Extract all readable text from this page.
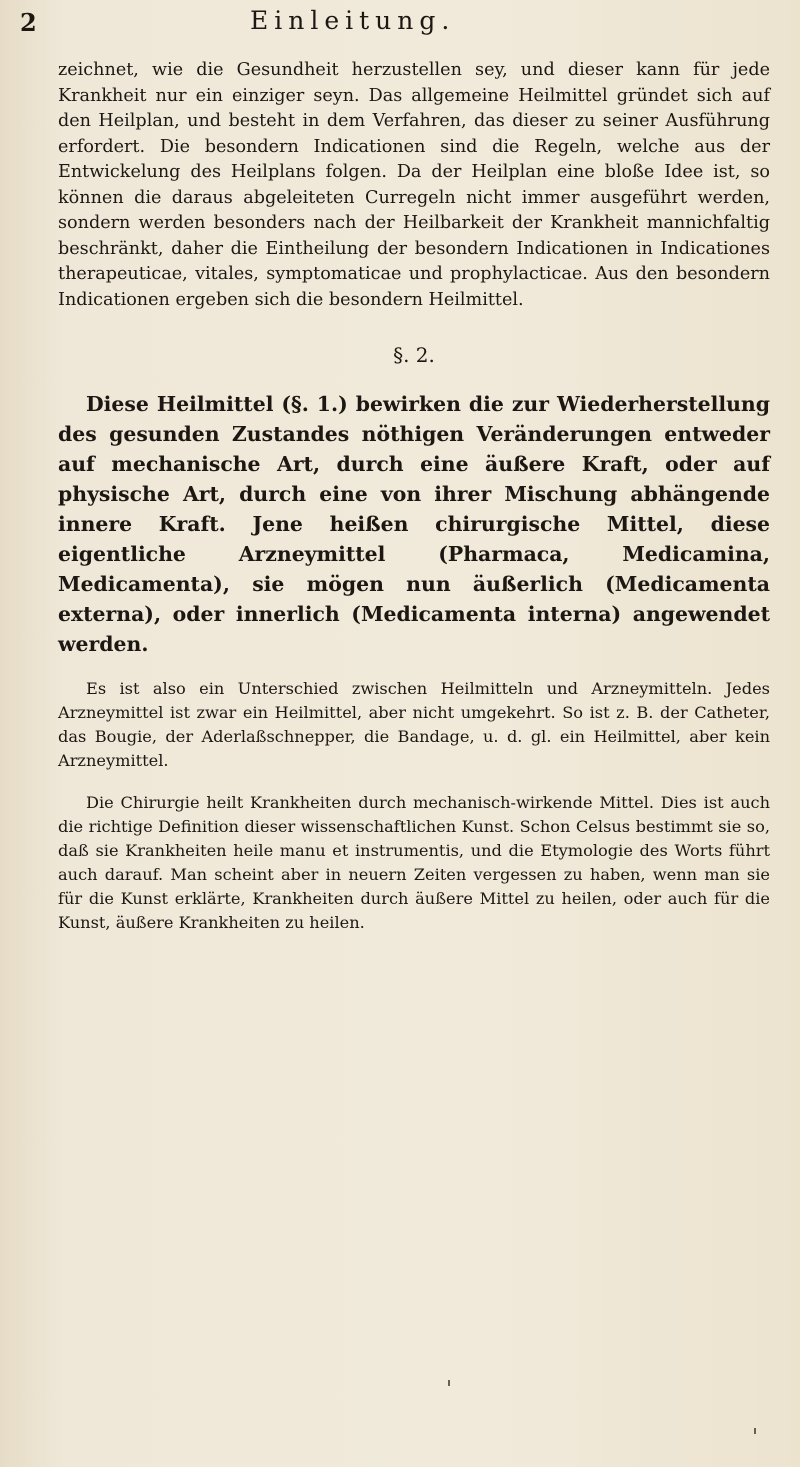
2	Einleitung.

zeichnet, wie die Gesundheit herzustellen sey, und dieser kann für jede Krankheit nur ein einziger seyn. Das allgemeine Heilmittel gründet sich auf den Heilplan, und besteht in dem Verfahren, das dieser zu seiner Ausführung erfordert. Die besondern Indicationen sind die Regeln, welche aus der Entwickelung des Heilplans folgen. Da der Heilplan eine bloße Idee ist, so können die daraus abgeleiteten Curregeln nicht immer ausgeführt werden, sondern werden besonders nach der Heilbarkeit der Krankheit mannichfaltig beschränkt, daher die Eintheilung der besondern Indicationen in Indicationes therapeuticae, vitales, symptomaticae und prophylacticae. Aus den besondern Indicationen ergeben sich die besondern Heilmittel.

§. 2.

Diese Heilmittel (§. 1.) bewirken die zur Wiederherstellung des gesunden Zustandes nöthigen Veränderungen entweder auf mechanische Art, durch eine äußere Kraft, oder auf physische Art, durch eine von ihrer Mischung abhängende innere Kraft. Jene heißen chirurgische Mittel, diese eigentliche Arzneymittel (Pharmaca, Medicamina, Medicamenta), sie mögen nun äußerlich (Medicamenta externa), oder innerlich (Medicamenta interna) angewendet werden.

Es ist also ein Unterschied zwischen Heilmitteln und Arzneymitteln. Jedes Arzneymittel ist zwar ein Heilmittel, aber nicht umgekehrt. So ist z. B. der Catheter, das Bougie, der Aderlaßschnepper, die Bandage, u. d. gl. ein Heilmittel, aber kein Arzneymittel.

Die Chirurgie heilt Krankheiten durch mechanisch-wirkende Mittel. Dies ist auch die richtige Definition dieser wissenschaftlichen Kunst. Schon Celsus bestimmt sie so, daß sie Krankheiten heile manu et instrumentis, und die Etymologie des Worts führt auch darauf. Man scheint aber in neuern Zeiten vergessen zu haben, wenn man sie für die Kunst erklärte, Krankheiten durch äußere Mittel zu heilen, oder auch für die Kunst, äußere Krankheiten zu heilen.
